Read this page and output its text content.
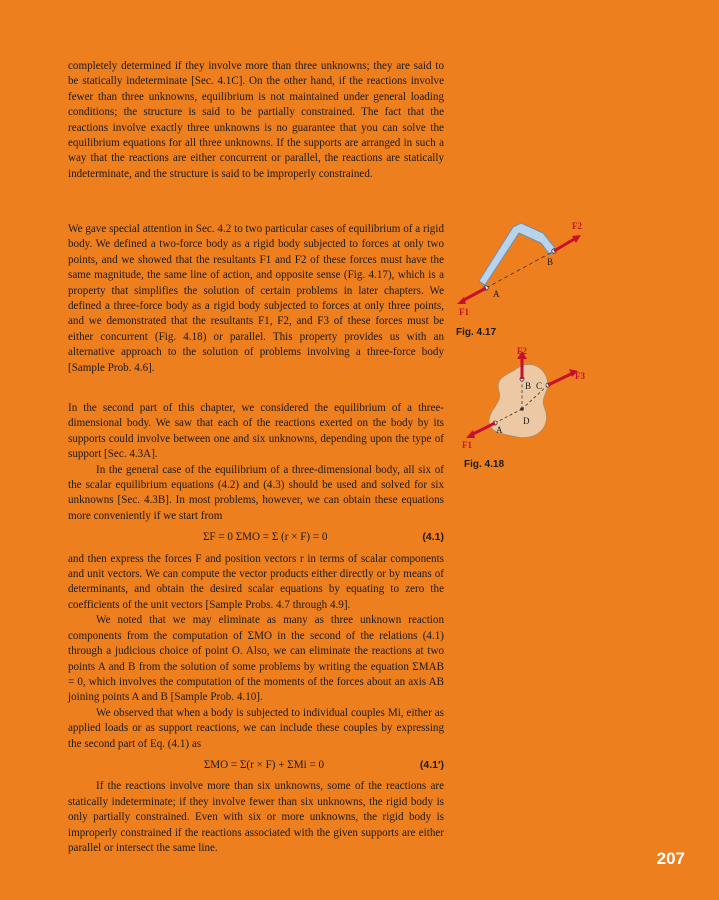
completely determined if they involve more than three unknowns; they are said to be statically indeterminate [Sec. 4.1C]. On the other hand, if the reactions involve fewer than three unknowns, equilibrium is not maintained under general loading conditions; the structure is said to be partially constrained. The fact that the reactions involve exactly three unknowns is no guarantee that you can solve the equilibrium equations for all three unknowns. If the supports are arranged in such a way that the reactions are either concurrent or parallel, the reactions are statically indeterminate, and the structure is said to be improperly constrained.

We gave special attention in Sec. 4.2 to two particular cases of equilibrium of a rigid body. We defined a two-force body as a rigid body subjected to forces at only two points, and we showed that the resultants F1 and F2 of these forces must have the same magnitude, the same line of action, and opposite sense (Fig. 4.17), which is a property that simplifies the solution of certain problems in later chapters. We defined a three-force body as a rigid body subjected to forces at only three points, and we demonstrated that the resultants F1, F2, and F3 of these forces must be either concurrent (Fig. 4.18) or parallel. This property provides us with an alternative approach to the solution of problems involving a three-force body [Sample Prob. 4.6].

In the second part of this chapter, we considered the equilibrium of a three-dimensional body. We saw that each of the reactions exerted on the body by its supports could involve between one and six unknowns, depending upon the type of support [Sec. 4.3A].

In the general case of the equilibrium of a three-dimensional body, all six of the scalar equilibrium equations (4.2) and (4.3) should be used and solved for six unknowns [Sec. 4.3B]. In most problems, however, we can obtain these equations more conveniently if we start from

ΣF = 0 ΣMO = Σ (r × F) = 0	(4.1)

and then express the forces F and position vectors r in terms of scalar components and unit vectors. We can compute the vector products either directly or by means of determinants, and obtain the desired scalar equations by equating to zero the coefficients of the unit vectors [Sample Probs. 4.7 through 4.9].

We noted that we may eliminate as many as three unknown reaction components from the computation of ΣMO in the second of the relations (4.1) through a judicious choice of point O. Also, we can eliminate the reactions at two points A and B from the solution of some problems by writing the equation ΣMAB = 0, which involves the computation of the moments of the forces about an axis AB joining points A and B [Sample Prob. 4.10].

We observed that when a body is subjected to individual couples Mi, either as applied loads or as support reactions, we can include these couples by expressing the second part of Eq. (4.1) as

ΣMO = Σ(r × F) + ΣMi = 0	(4.1′)

If the reactions involve more than six unknowns, some of the reactions are statically indeterminate; if they involve fewer than six unknowns, the rigid body is only partially constrained. Even with six or more unknowns, the rigid body is improperly constrained if the reactions associated with the given supports are either parallel or intersect the same line.

A
B
F1
F2
Fig. 4.17
A
B C
D
F1
F2
F3
Fig. 4.18
207
